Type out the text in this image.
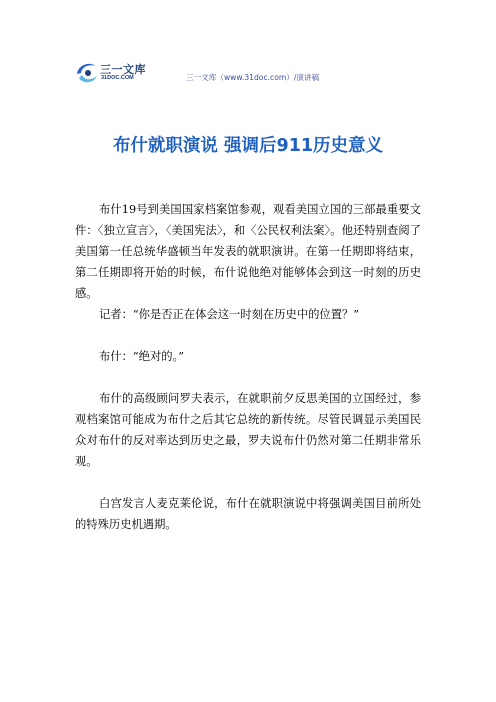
三一文库
31DOC.COM	三一文库（www.31doc.com）/演讲稿
布什就职演说 强调后911历史意义

布什19号到美国国家档案馆参观，观看美国立国的三部最重要文件：〈独立宣言〉，〈美国宪法〉，和〈公民权利法案〉。他还特别查阅了美国第一任总统华盛顿当年发表的就职演讲。在第一任期即将结束，第二任期即将开始的时候，布什说他绝对能够体会到这一时刻的历史感。

记者：“你是否正在体会这一时刻在历史中的位置？”

布什：“绝对的。”

布什的高级顾问罗夫表示，在就职前夕反思美国的立国经过，参观档案馆可能成为布什之后其它总统的新传统。尽管民调显示美国民众对布什的反对率达到历史之最，罗夫说布什仍然对第二任期非常乐观。

白宫发言人麦克莱伦说，布什在就职演说中将强调美国目前所处的特殊历史机遇期。
